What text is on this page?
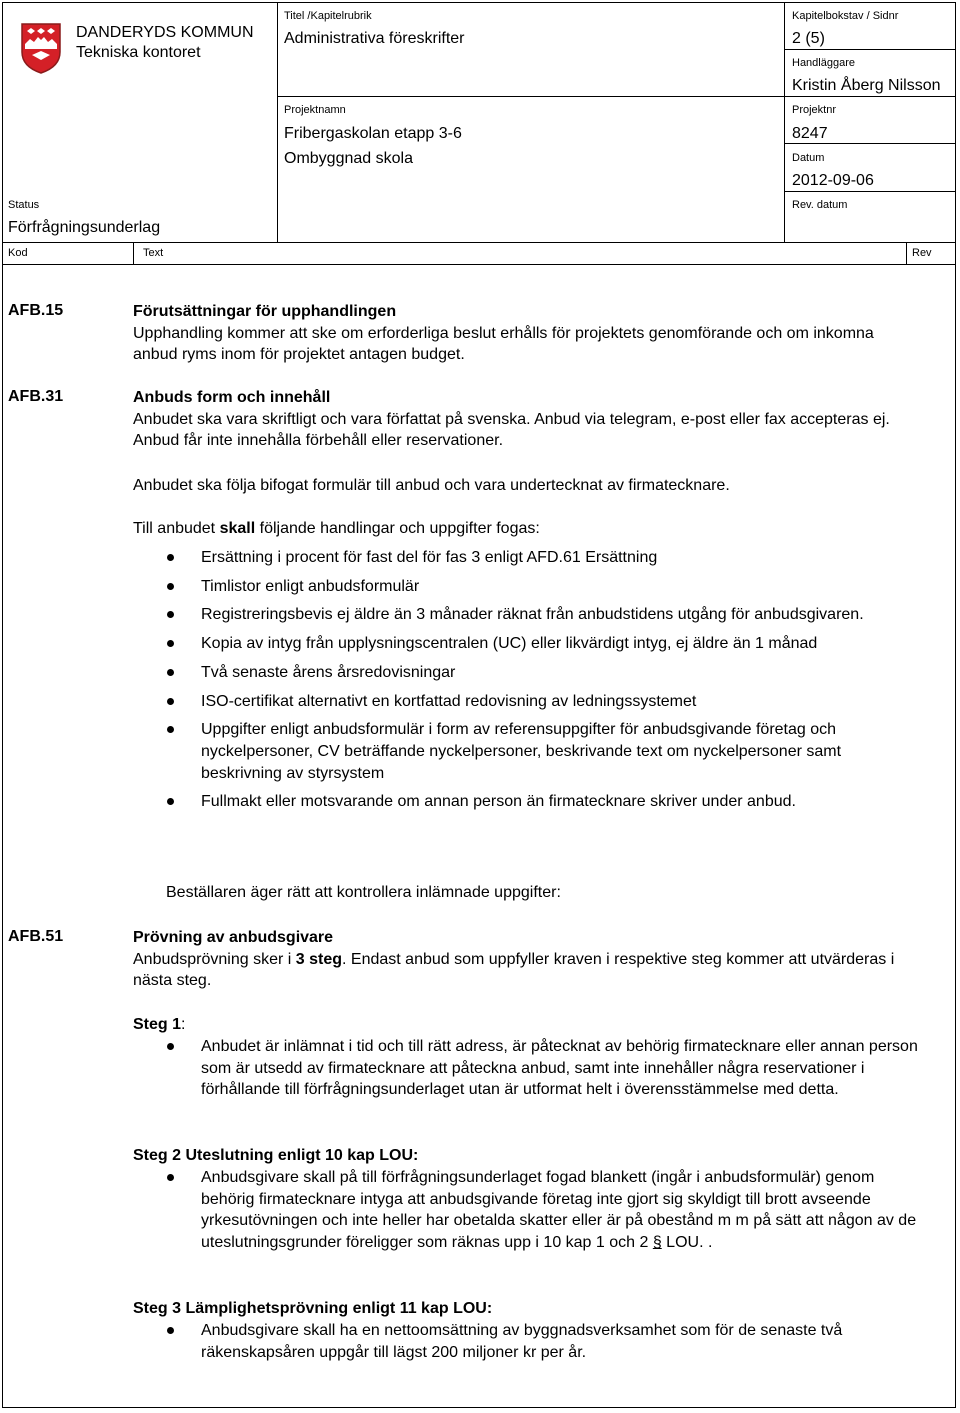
DANDERYDS KOMMUN
Tekniska kontoret
Titel /Kapitelrubrik
Administrativa föreskrifter
Kapitelbokstav / Sidnr
2 (5)
Handläggare
Kristin Åberg Nilsson
Projektnamn
Fribergaskolan etapp 3-6
Ombyggnad skola
Projektnr
8247
Datum
2012-09-06
Status
Förfrågningsunderlag
Rev. datum
Kod	Text	Rev
AFB.15	Förutsättningar för upphandlingen

Upphandling kommer att ske om erforderliga beslut erhålls för projektets genomförande och om inkomna anbud ryms inom för projektet antagen budget.

AFB.31	Anbuds form och innehåll

Anbudet ska vara skriftligt och vara författat på svenska. Anbud via telegram, e-post eller fax accepteras ej. Anbud får inte innehålla förbehåll eller reservationer.

Anbudet ska följa bifogat formulär till anbud och vara undertecknat av firmatecknare.

Till anbudet skall följande handlingar och uppgifter fogas:

Ersättning i procent för fast del för fas 3 enligt AFD.61 Ersättning
Timlistor enligt anbudsformulär
Registreringsbevis ej äldre än 3 månader räknat från anbudstidens utgång för anbudsgivaren.
Kopia av intyg från upplysningscentralen (UC) eller likvärdigt intyg, ej äldre än 1 månad
Två senaste årens årsredovisningar
ISO-certifikat alternativt en kortfattad redovisning av ledningssystemet
Uppgifter enligt anbudsformulär i form av referensuppgifter för anbudsgivande företag och nyckelpersoner, CV beträffande nyckelpersoner, beskrivande text om nyckelpersoner samt beskrivning av styrsystem
Fullmakt eller motsvarande om annan person än firmatecknare skriver under anbud.
Beställaren äger rätt att kontrollera inlämnade uppgifter:
AFB.51	Prövning av anbudsgivare

Anbudsprövning sker i 3 steg. Endast anbud som uppfyller kraven i respektive steg kommer att utvärderas i nästa steg.

Steg 1:

Anbudet är inlämnat i tid och till rätt adress, är påtecknat av behörig firmatecknare eller annan person som är utsedd av firmatecknare att påteckna anbud, samt inte innehåller några reservationer i förhållande till förfrågningsunderlaget utan är utformat helt i överensstämmelse med detta.

Steg 2 Uteslutning enligt 10 kap LOU:

Anbudsgivare skall på till förfrågningsunderlaget fogad blankett (ingår i anbudsformulär) genom behörig firmatecknare intyga att anbudsgivande företag inte gjort sig skyldigt till brott avseende yrkesutövningen och inte heller har obetalda skatter eller är på obestånd m m på sätt att någon av de uteslutningsgrunder föreligger som räknas upp i 10 kap 1 och 2 § LOU. .

Steg 3 Lämplighetsprövning enligt 11 kap LOU:

Anbudsgivare skall ha en nettoomsättning av byggnadsverksamhet som för de senaste två räkenskapsåren uppgår till lägst 200 miljoner kr per år.
